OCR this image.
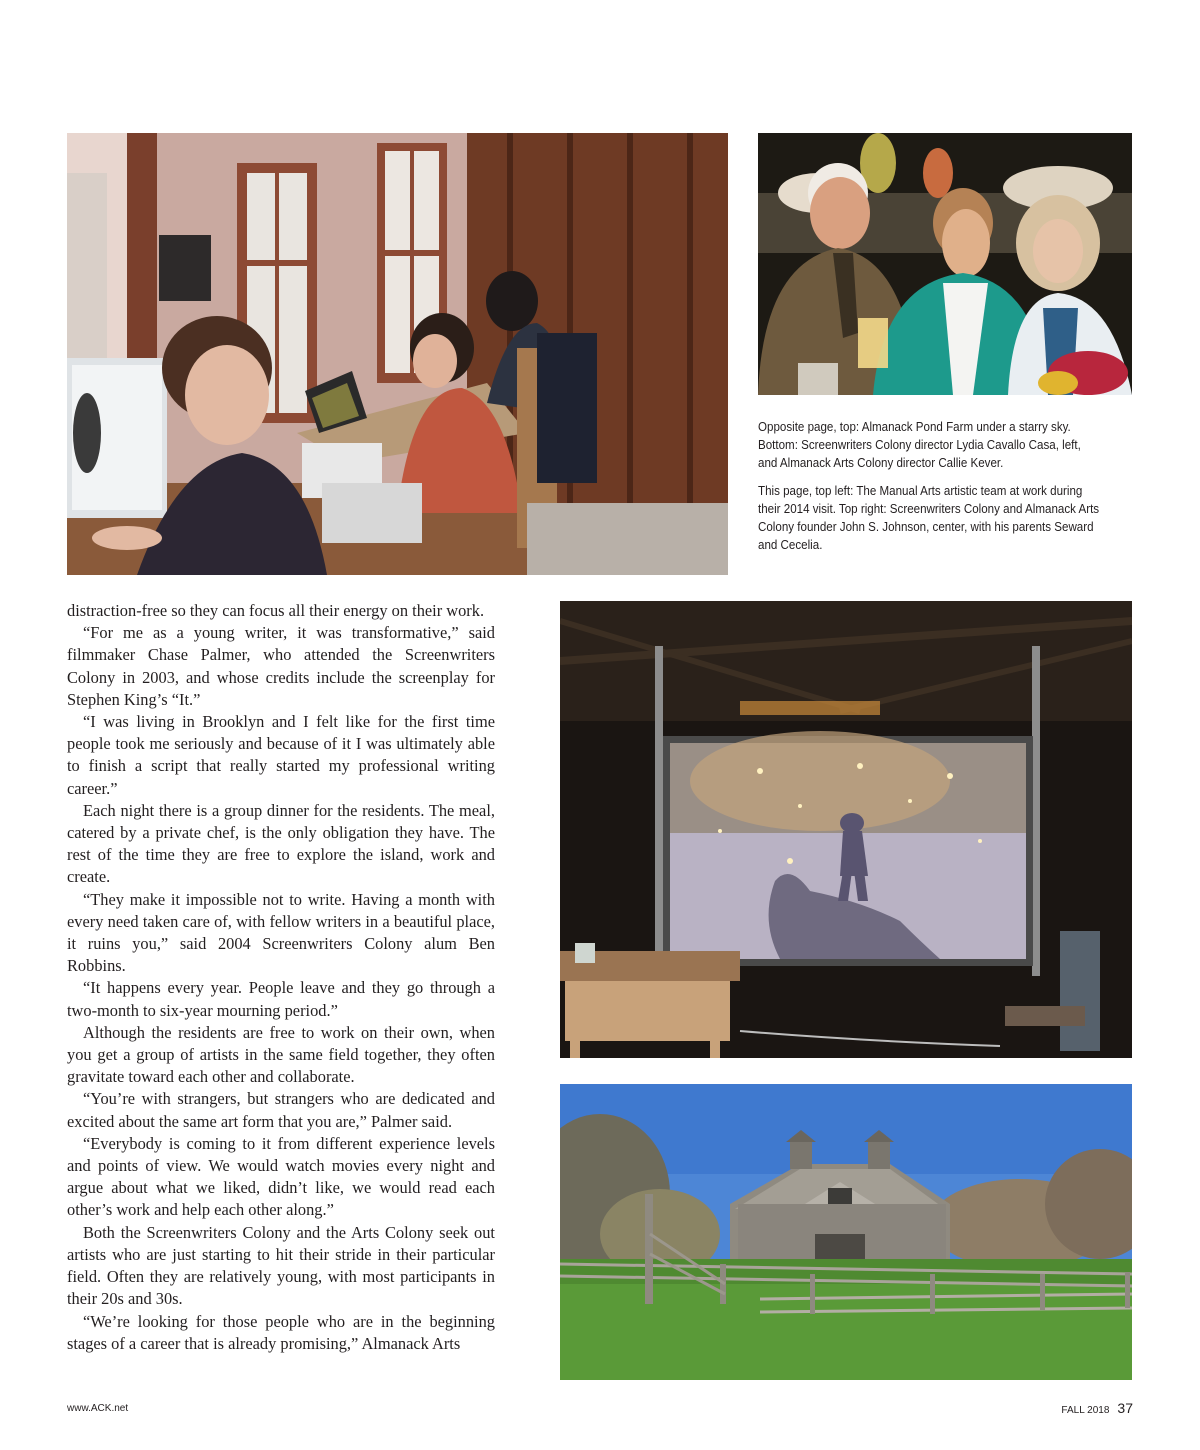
Opposite page, top: Almanack Pond Farm under a starry sky. Bottom: Screenwriters Colony director Lydia Cavallo Casa, left, and Almanack Arts Colony director Callie Kever.

This page, top left: The Manual Arts artistic team at work during their 2014 visit. Top right: Screenwriters Colony and Almanack Arts Colony founder John S. Johnson, center, with his parents Seward and Cecelia.

distraction-free so they can focus all their energy on their work.

“For me as a young writer, it was transformative,” said filmmaker Chase Palmer, who attended the Screenwriters Colony in 2003, and whose credits include the screenplay for Stephen King’s “It.”

“I was living in Brooklyn and I felt like for the first time people took me seriously and because of it I was ultimately able to finish a script that really started my professional writing career.”

Each night there is a group dinner for the residents. The meal, catered by a private chef, is the only obligation they have. The rest of the time they are free to explore the island, work and create.

“They make it impossible not to write. Having a month with every need taken care of, with fellow writers in a beautiful place, it ruins you,” said 2004 Screenwriters Colony alum Ben Robbins.

“It happens every year. People leave and they go through a two-month to six-year mourning period.”

Although the residents are free to work on their own, when you get a group of artists in the same field together, they often gravitate toward each other and collaborate.

“You’re with strangers, but strangers who are dedicated and excited about the same art form that you are,” Palmer said.

“Everybody is coming to it from different experience levels and points of view. We would watch movies every night and argue about what we liked, didn’t like, we would read each other’s work and help each other along.”

Both the Screenwriters Colony and the Arts Colony seek out artists who are just starting to hit their stride in their particular field. Often they are relatively young, with most participants in their 20s and 30s.

“We’re looking for those people who are in the beginning stages of a career that is already promising,” Almanack Arts

www.ACK.net	FALL 2018 37
